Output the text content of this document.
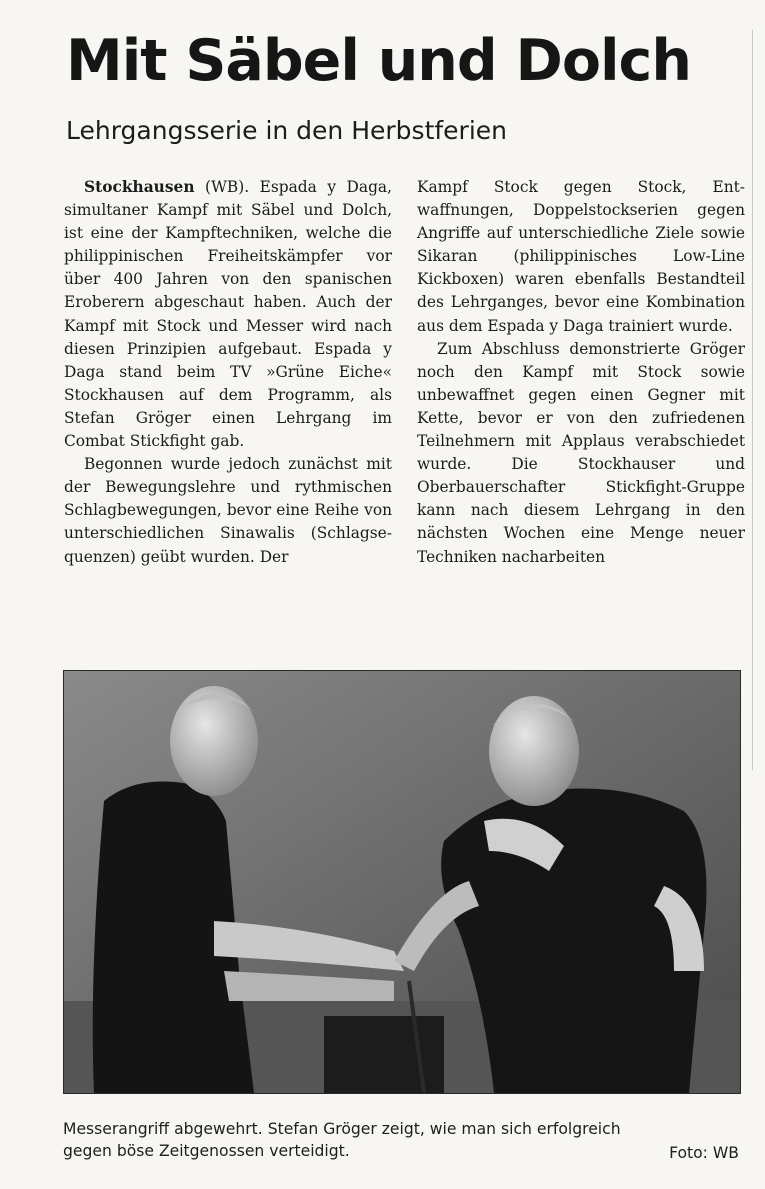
Mit Säbel und Dolch
Lehrgangsserie in den Herbstferien

Stockhausen (WB). Espada y Daga, simultaner Kampf mit Säbel und Dolch, ist eine der Kampftechniken, welche die philippinischen Freiheitskämpfer vor über 400 Jahren von den spanischen Eroberern abgeschaut haben. Auch der Kampf mit Stock und Messer wird nach diesen Prinzipien aufgebaut. Espada y Daga stand beim TV »Grüne Eiche« Stockhausen auf dem Programm, als Stefan Gröger einen Lehrgang im Combat Stickfight gab.

Begonnen wurde jedoch zunächst mit der Bewegungslehre und rythmischen Schlagbewegungen, bevor eine Reihe von unterschiedlichen Sinawalis (Schlagsequenzen) geübt wurden. Der

Kampf Stock gegen Stock, Entwaffnungen, Doppelstockserien gegen Angriffe auf unterschiedliche Ziele sowie Sikaran (philippinisches Low-Line Kickboxen) waren ebenfalls Bestandteil des Lehrganges, bevor eine Kombination aus dem Espada y Daga trainiert wurde.

Zum Abschluss demonstrierte Gröger noch den Kampf mit Stock sowie unbewaffnet gegen einen Gegner mit Kette, bevor er von den zufriedenen Teilnehmern mit Applaus verabschiedet wurde. Die Stockhauser und Oberbauerschafter Stickfight-Gruppe kann nach diesem Lehrgang in den nächsten Wochen eine Menge neuer Techniken nacharbeiten

Messerangriff abgewehrt. Stefan Gröger zeigt, wie man sich erfolgreich
gegen böse Zeitgenossen verteidigt.	Foto: WB
